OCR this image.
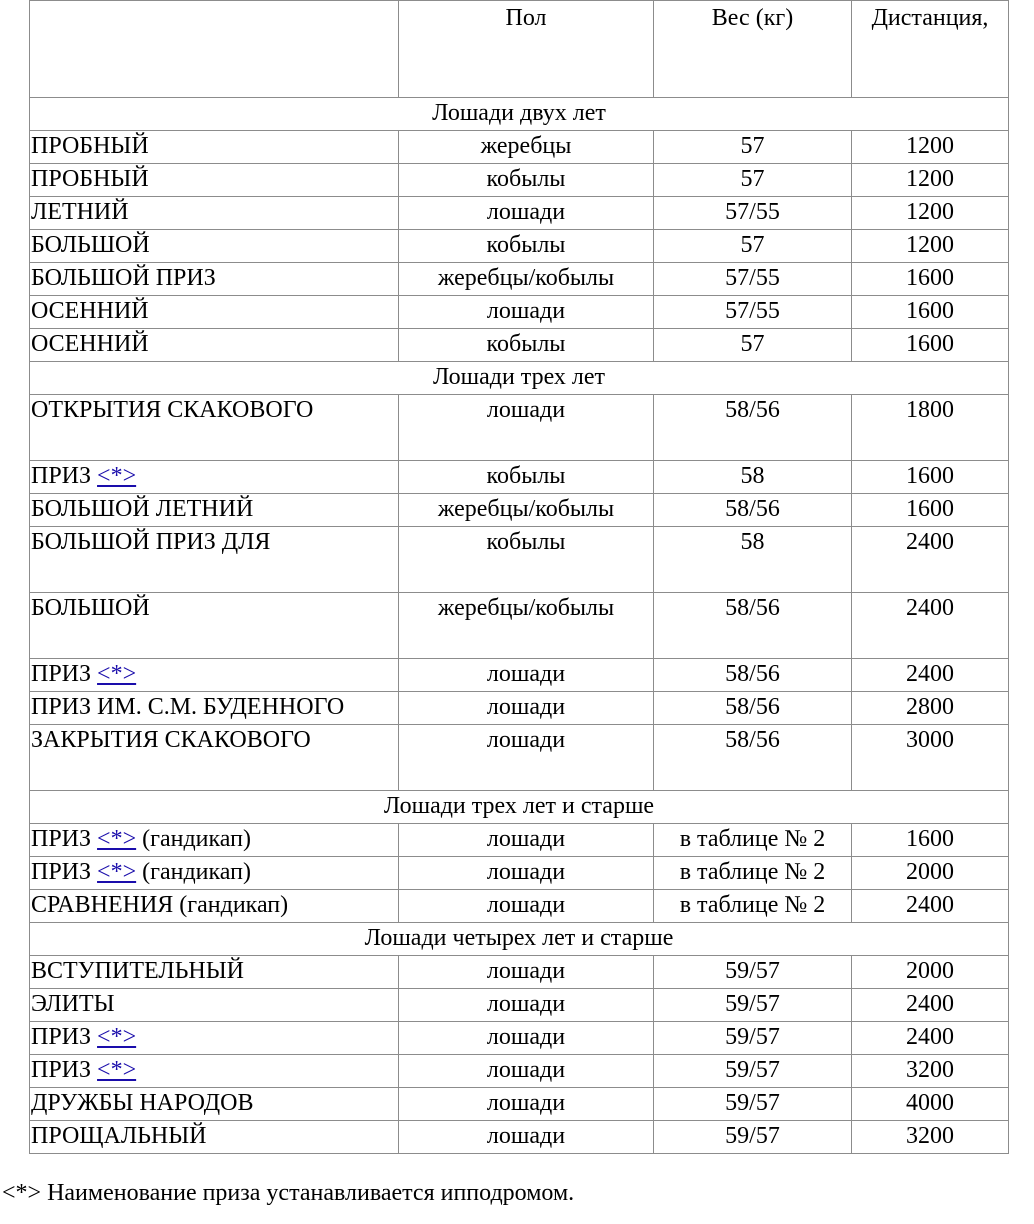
	Пол	Вес (кг)	Дистанция,
Лошади двух лет			
ПРОБНЫЙ	жеребцы	57	1200
ПРОБНЫЙ	кобылы	57	1200
ЛЕТНИЙ	лошади	57/55	1200
БОЛЬШОЙ	кобылы	57	1200
БОЛЬШОЙ ПРИЗ	жеребцы/кобылы	57/55	1600
ОСЕННИЙ	лошади	57/55	1600
ОСЕННИЙ	кобылы	57	1600
Лошади трех лет			
ОТКРЫТИЯ СКАКОВОГО	лошади	58/56	1800
ПРИЗ <*>	кобылы	58	1600
БОЛЬШОЙ ЛЕТНИЙ	жеребцы/кобылы	58/56	1600
БОЛЬШОЙ ПРИЗ ДЛЯ	кобылы	58	2400
БОЛЬШОЙ	жеребцы/кобылы	58/56	2400
ПРИЗ <*>	лошади	58/56	2400
ПРИЗ ИМ. С.М. БУДЕННОГО	лошади	58/56	2800
ЗАКРЫТИЯ СКАКОВОГО	лошади	58/56	3000
Лошади трех лет и старше			
ПРИЗ <*> (гандикап)	лошади	в таблице № 2	1600
ПРИЗ <*> (гандикап)	лошади	в таблице № 2	2000
СРАВНЕНИЯ (гандикап)	лошади	в таблице № 2	2400
Лошади четырех лет и старше			
ВСТУПИТЕЛЬНЫЙ	лошади	59/57	2000
ЭЛИТЫ	лошади	59/57	2400
ПРИЗ <*>	лошади	59/57	2400
ПРИЗ <*>	лошади	59/57	3200
ДРУЖБЫ НАРОДОВ	лошади	59/57	4000
ПРОЩАЛЬНЫЙ	лошади	59/57	3200
<*> Наименование приза устанавливается ипподромом.
